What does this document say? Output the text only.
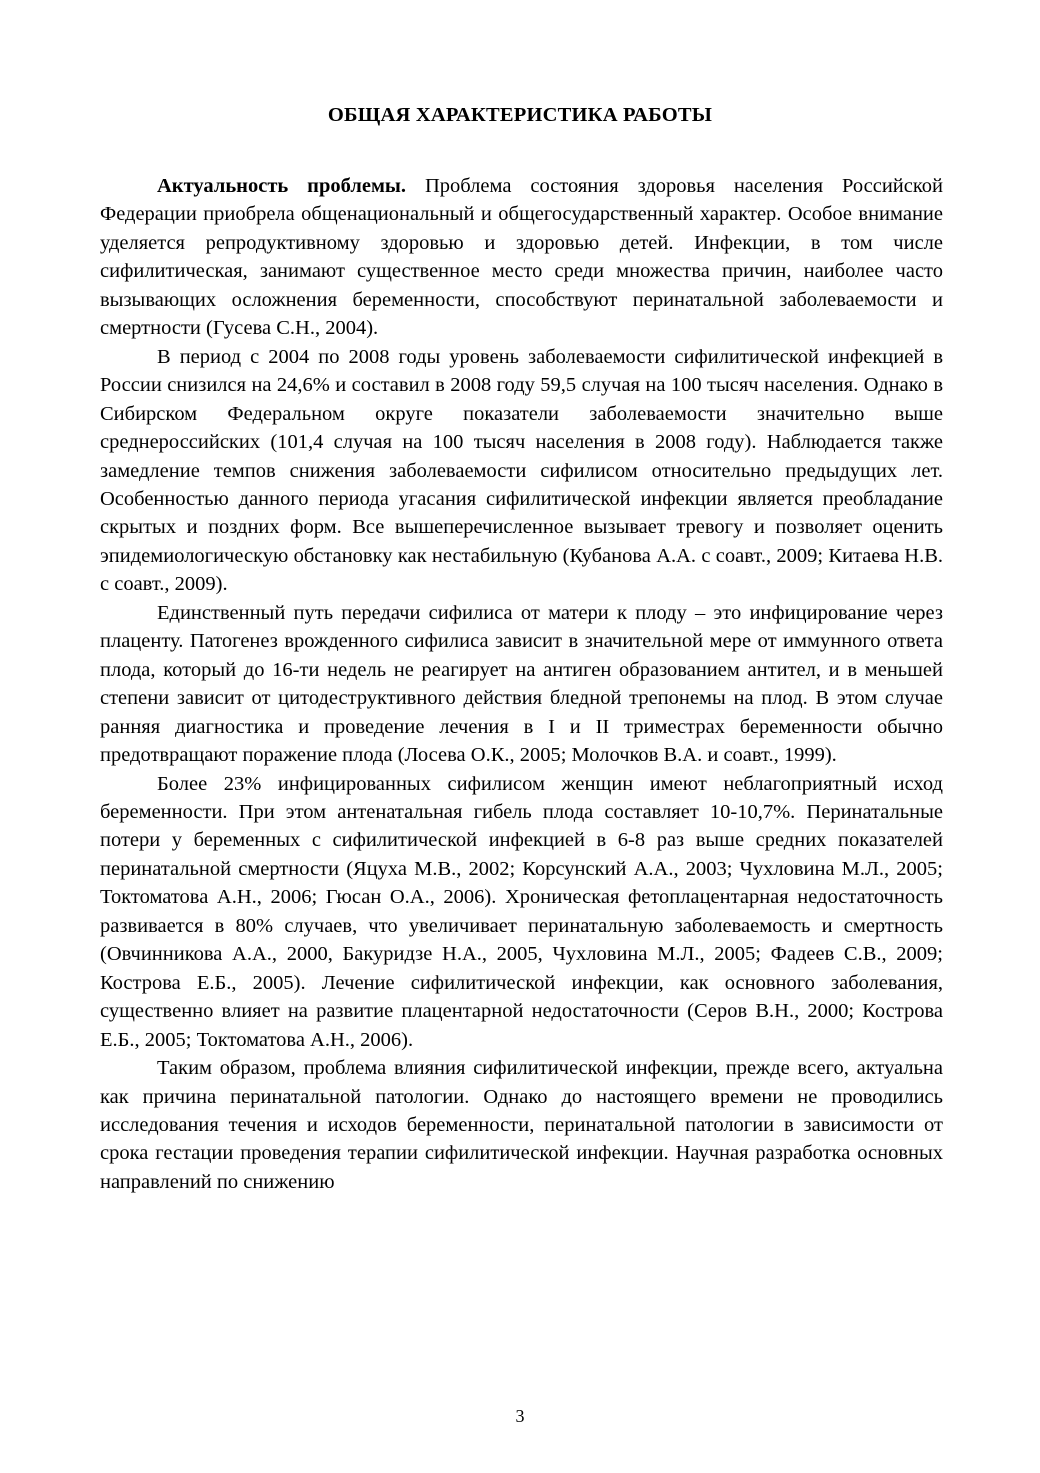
ОБЩАЯ ХАРАКТЕРИСТИКА РАБОТЫ

Актуальность проблемы. Проблема состояния здоровья населения Российской Федерации приобрела общенациональный и общегосударственный характер. Особое внимание уделяется репродуктивному здоровью и здоровью детей. Инфекции, в том числе сифилитическая, занимают существенное место среди множества причин, наиболее часто вызывающих осложнения беременности, способствуют перинатальной заболеваемости и смертности (Гусева С.Н., 2004).

В период с 2004 по 2008 годы уровень заболеваемости сифилитической инфекцией в России снизился на 24,6% и составил в 2008 году 59,5 случая на 100 тысяч населения. Однако в Сибирском Федеральном округе показатели заболеваемости значительно выше среднероссийских (101,4 случая на 100 тысяч населения в 2008 году). Наблюдается также замедление темпов снижения заболеваемости сифилисом относительно предыдущих лет. Особенностью данного периода угасания сифилитической инфекции является преобладание скрытых и поздних форм. Все вышеперечисленное вызывает тревогу и позволяет оценить эпидемиологическую обстановку как нестабильную (Кубанова А.А. с соавт., 2009; Китаева Н.В. с соавт., 2009).

Единственный путь передачи сифилиса от матери к плоду – это инфицирование через плаценту. Патогенез врожденного сифилиса зависит в значительной мере от иммунного ответа плода, который до 16-ти недель не реагирует на антиген образованием антител, и в меньшей степени зависит от цитодеструктивного действия бледной трепонемы на плод. В этом случае ранняя диагностика и проведение лечения в I и II триместрах беременности обычно предотвращают поражение плода (Лосева О.К., 2005; Молочков В.А. и соавт., 1999).

Более 23% инфицированных сифилисом женщин имеют неблагоприятный исход беременности. При этом антенатальная гибель плода составляет 10-10,7%. Перинатальные потери у беременных с сифилитической инфекцией в 6-8 раз выше средних показателей перинатальной смертности (Яцуха М.В., 2002; Корсунский А.А., 2003; Чухловина М.Л., 2005; Токтоматова А.Н., 2006; Гюсан О.А., 2006). Хроническая фетоплацентарная недостаточность развивается в 80% случаев, что увеличивает перинатальную заболеваемость и смертность (Овчинникова А.А., 2000, Бакуридзе Н.А., 2005, Чухловина М.Л., 2005; Фадеев С.В., 2009; Кострова Е.Б., 2005). Лечение сифилитической инфекции, как основного заболевания, существенно влияет на развитие плацентарной недостаточности (Серов В.Н., 2000; Кострова Е.Б., 2005; Токтоматова А.Н., 2006).

Таким образом, проблема влияния сифилитической инфекции, прежде всего, актуальна как причина перинатальной патологии. Однако до настоящего времени не проводились исследования течения и исходов беременности, перинатальной патологии в зависимости от срока гестации проведения терапии сифилитической инфекции. Научная разработка основных направлений по снижению

3
